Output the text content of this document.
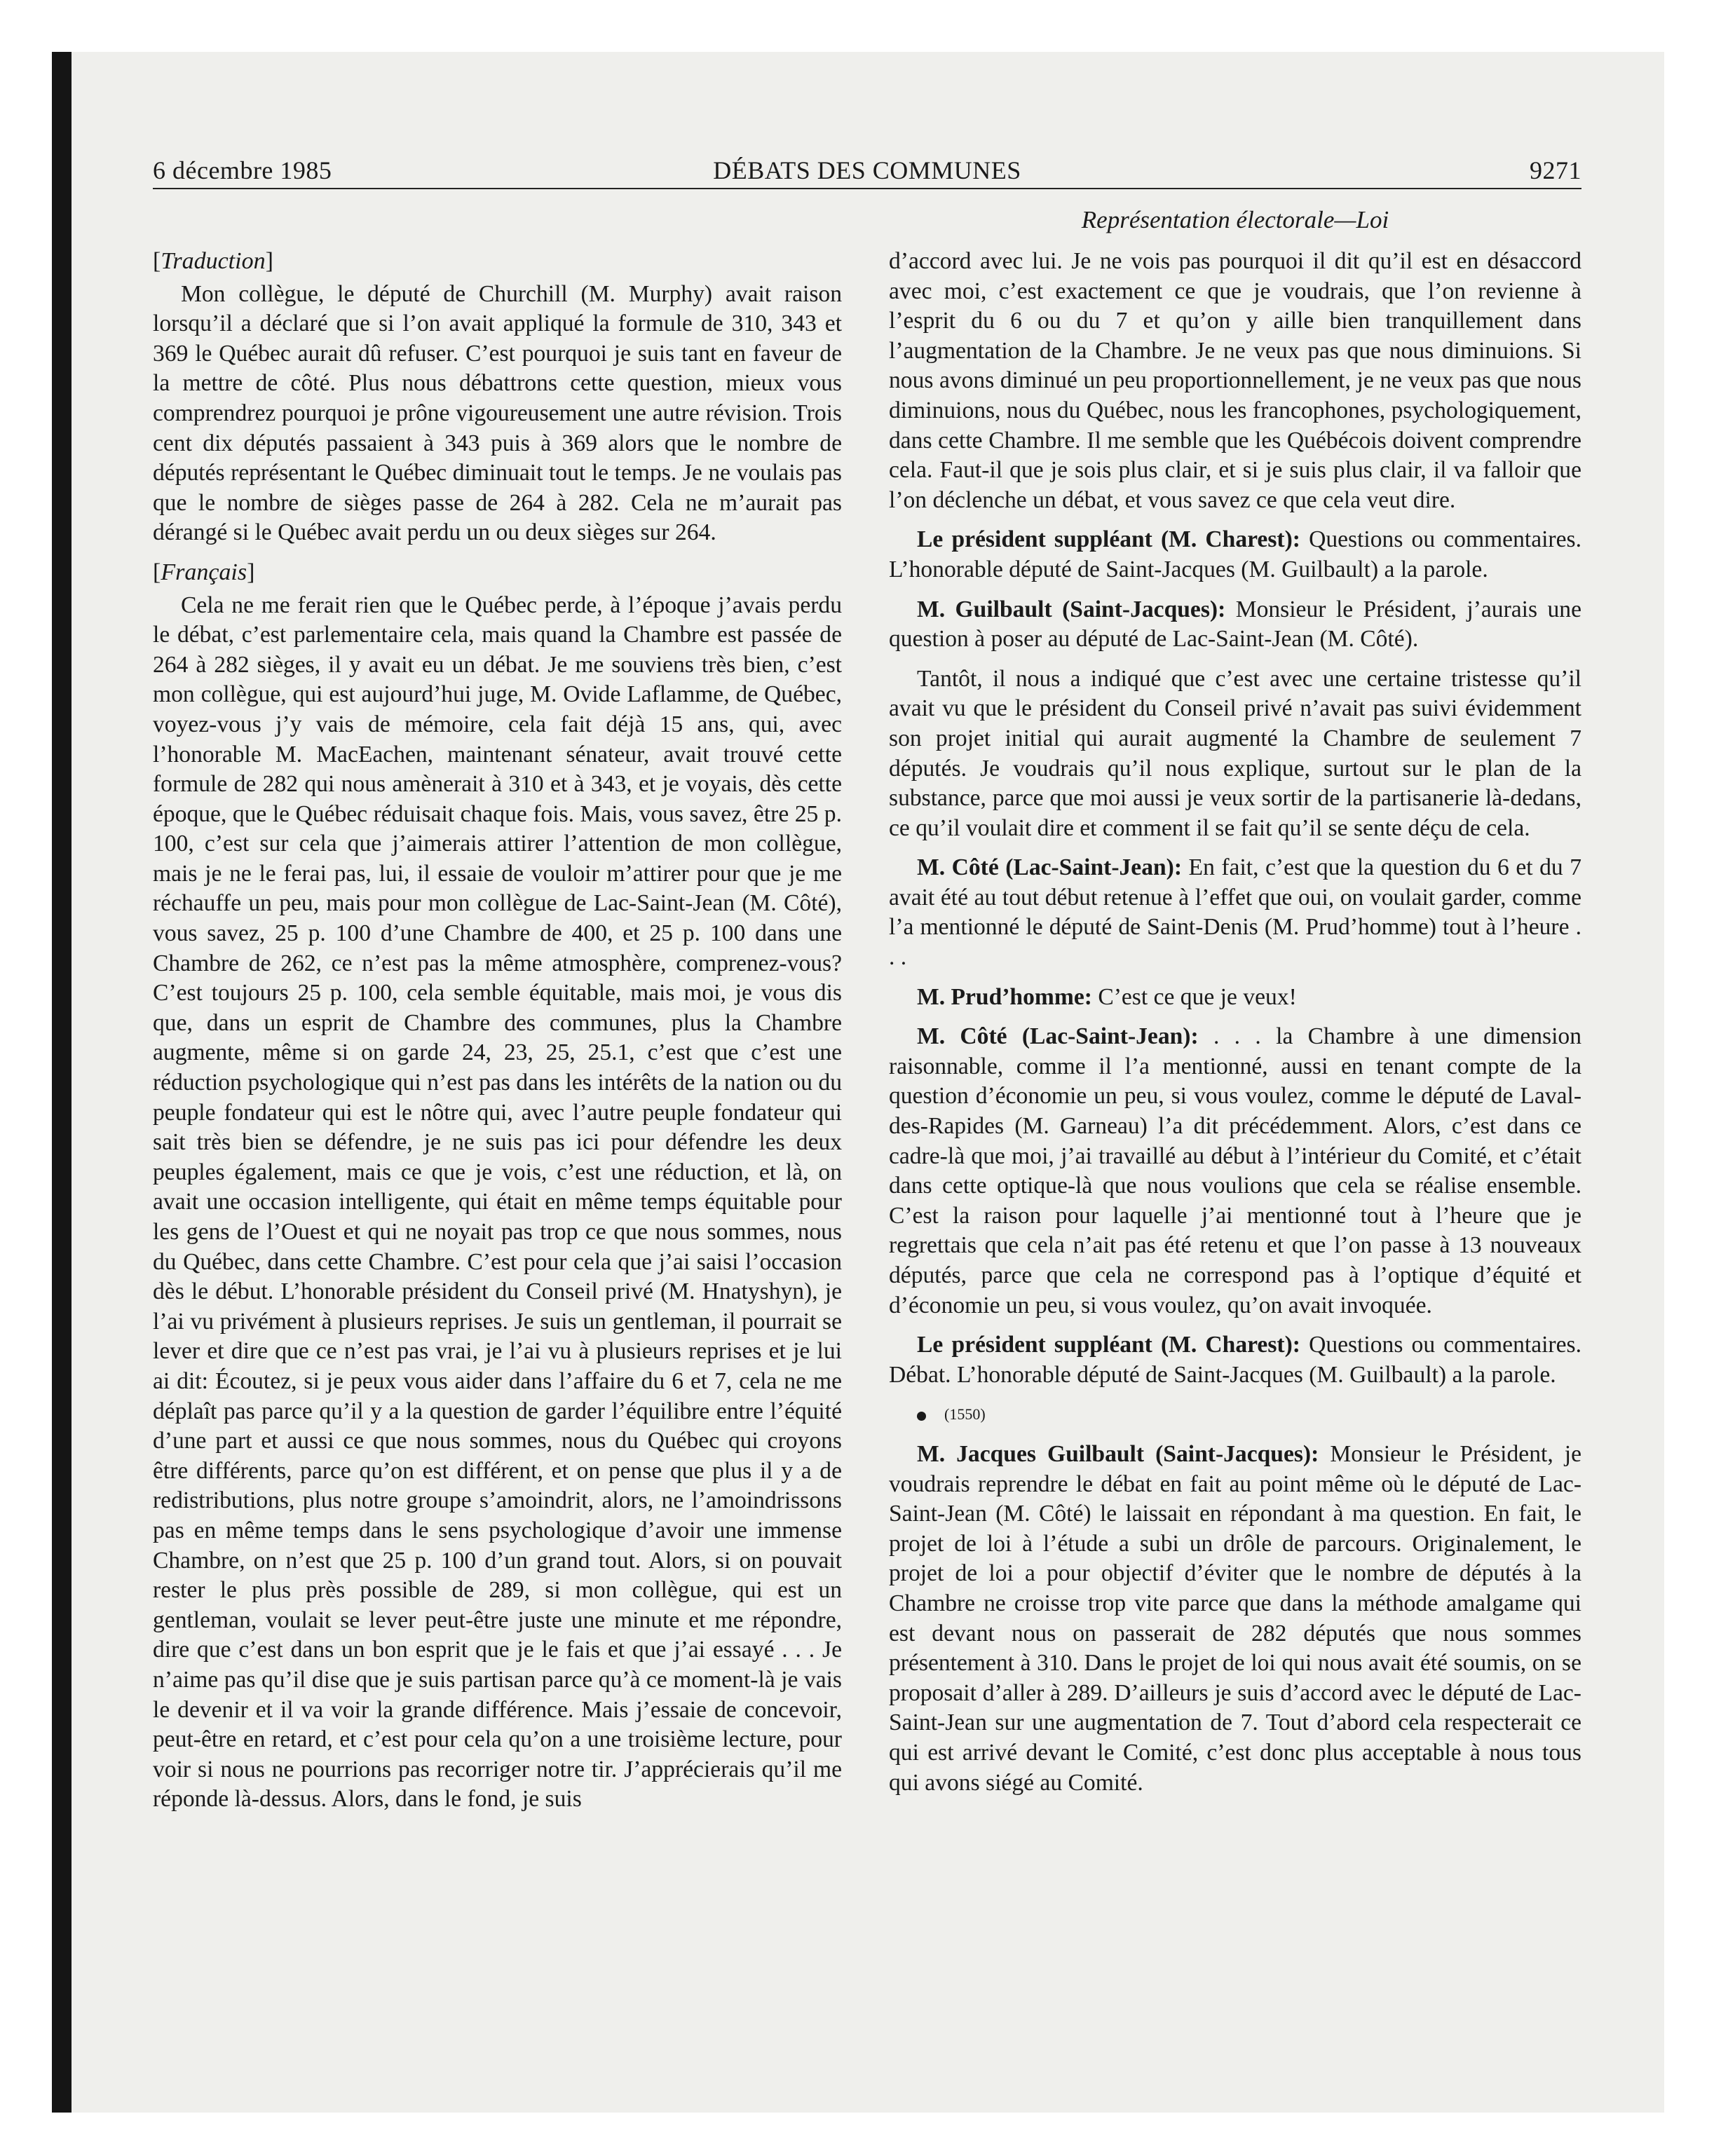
6 décembre 1985	DÉBATS DES COMMUNES	9271
Représentation électorale—Loi

[Traduction]

Mon collègue, le député de Churchill (M. Murphy) avait raison lorsqu’il a déclaré que si l’on avait appliqué la formule de 310, 343 et 369 le Québec aurait dû refuser. C’est pourquoi je suis tant en faveur de la mettre de côté. Plus nous débattrons cette question, mieux vous comprendrez pourquoi je prône vigoureusement une autre révision. Trois cent dix députés passaient à 343 puis à 369 alors que le nombre de députés représentant le Québec diminuait tout le temps. Je ne voulais pas que le nombre de sièges passe de 264 à 282. Cela ne m’aurait pas dérangé si le Québec avait perdu un ou deux sièges sur 264.

[Français]

Cela ne me ferait rien que le Québec perde, à l’époque j’avais perdu le débat, c’est parlementaire cela, mais quand la Chambre est passée de 264 à 282 sièges, il y avait eu un débat. Je me souviens très bien, c’est mon collègue, qui est aujourd’hui juge, M. Ovide Laflamme, de Québec, voyez-vous j’y vais de mémoire, cela fait déjà 15 ans, qui, avec l’honorable M. MacEachen, maintenant sénateur, avait trouvé cette formule de 282 qui nous amènerait à 310 et à 343, et je voyais, dès cette époque, que le Québec réduisait chaque fois. Mais, vous savez, être 25 p. 100, c’est sur cela que j’aimerais attirer l’attention de mon collègue, mais je ne le ferai pas, lui, il essaie de vouloir m’attirer pour que je me réchauffe un peu, mais pour mon collègue de Lac-Saint-Jean (M. Côté), vous savez, 25 p. 100 d’une Chambre de 400, et 25 p. 100 dans une Chambre de 262, ce n’est pas la même atmosphère, comprenez-vous? C’est toujours 25 p. 100, cela semble équitable, mais moi, je vous dis que, dans un esprit de Chambre des communes, plus la Chambre augmente, même si on garde 24, 23, 25, 25.1, c’est que c’est une réduction psychologique qui n’est pas dans les intérêts de la nation ou du peuple fondateur qui est le nôtre qui, avec l’autre peuple fondateur qui sait très bien se défendre, je ne suis pas ici pour défendre les deux peuples également, mais ce que je vois, c’est une réduction, et là, on avait une occasion intelligente, qui était en même temps équitable pour les gens de l’Ouest et qui ne noyait pas trop ce que nous sommes, nous du Québec, dans cette Chambre. C’est pour cela que j’ai saisi l’occasion dès le début. L’honorable président du Conseil privé (M. Hnatyshyn), je l’ai vu privément à plusieurs reprises. Je suis un gentleman, il pourrait se lever et dire que ce n’est pas vrai, je l’ai vu à plusieurs reprises et je lui ai dit: Écoutez, si je peux vous aider dans l’affaire du 6 et 7, cela ne me déplaît pas parce qu’il y a la question de garder l’équilibre entre l’équité d’une part et aussi ce que nous sommes, nous du Québec qui croyons être différents, parce qu’on est différent, et on pense que plus il y a de redistributions, plus notre groupe s’amoindrit, alors, ne l’amoindrissons pas en même temps dans le sens psychologique d’avoir une immense Chambre, on n’est que 25 p. 100 d’un grand tout. Alors, si on pouvait rester le plus près possible de 289, si mon collègue, qui est un gentleman, voulait se lever peut-être juste une minute et me répondre, dire que c’est dans un bon esprit que je le fais et que j’ai essayé . . . Je n’aime pas qu’il dise que je suis partisan parce qu’à ce moment-là je vais le devenir et il va voir la grande différence. Mais j’essaie de concevoir, peut-être en retard, et c’est pour cela qu’on a une troisième lecture, pour voir si nous ne pourrions pas recorriger notre tir. J’apprécierais qu’il me réponde là-dessus. Alors, dans le fond, je suis

d’accord avec lui. Je ne vois pas pourquoi il dit qu’il est en désaccord avec moi, c’est exactement ce que je voudrais, que l’on revienne à l’esprit du 6 ou du 7 et qu’on y aille bien tranquillement dans l’augmentation de la Chambre. Je ne veux pas que nous diminuions. Si nous avons diminué un peu proportionnellement, je ne veux pas que nous diminuions, nous du Québec, nous les francophones, psychologiquement, dans cette Chambre. Il me semble que les Québécois doivent comprendre cela. Faut-il que je sois plus clair, et si je suis plus clair, il va falloir que l’on déclenche un débat, et vous savez ce que cela veut dire.

Le président suppléant (M. Charest): Questions ou commentaires. L’honorable député de Saint-Jacques (M. Guilbault) a la parole.

M. Guilbault (Saint-Jacques): Monsieur le Président, j’aurais une question à poser au député de Lac-Saint-Jean (M. Côté).

Tantôt, il nous a indiqué que c’est avec une certaine tristesse qu’il avait vu que le président du Conseil privé n’avait pas suivi évidemment son projet initial qui aurait augmenté la Chambre de seulement 7 députés. Je voudrais qu’il nous explique, surtout sur le plan de la substance, parce que moi aussi je veux sortir de la partisanerie là-dedans, ce qu’il voulait dire et comment il se fait qu’il se sente déçu de cela.

M. Côté (Lac-Saint-Jean): En fait, c’est que la question du 6 et du 7 avait été au tout début retenue à l’effet que oui, on voulait garder, comme l’a mentionné le député de Saint-Denis (M. Prud’homme) tout à l’heure . . .

M. Prud’homme: C’est ce que je veux!

M. Côté (Lac-Saint-Jean): . . . la Chambre à une dimension raisonnable, comme il l’a mentionné, aussi en tenant compte de la question d’économie un peu, si vous voulez, comme le député de Laval-des-Rapides (M. Garneau) l’a dit précédemment. Alors, c’est dans ce cadre-là que moi, j’ai travaillé au début à l’intérieur du Comité, et c’était dans cette optique-là que nous voulions que cela se réalise ensemble. C’est la raison pour laquelle j’ai mentionné tout à l’heure que je regrettais que cela n’ait pas été retenu et que l’on passe à 13 nouveaux députés, parce que cela ne correspond pas à l’optique d’équité et d’économie un peu, si vous voulez, qu’on avait invoquée.

Le président suppléant (M. Charest): Questions ou commentaires. Débat. L’honorable député de Saint-Jacques (M. Guilbault) a la parole.

(1550)

M. Jacques Guilbault (Saint-Jacques): Monsieur le Président, je voudrais reprendre le débat en fait au point même où le député de Lac-Saint-Jean (M. Côté) le laissait en répondant à ma question. En fait, le projet de loi à l’étude a subi un drôle de parcours. Originalement, le projet de loi a pour objectif d’éviter que le nombre de députés à la Chambre ne croisse trop vite parce que dans la méthode amalgame qui est devant nous on passerait de 282 députés que nous sommes présentement à 310. Dans le projet de loi qui nous avait été soumis, on se proposait d’aller à 289. D’ailleurs je suis d’accord avec le député de Lac-Saint-Jean sur une augmentation de 7. Tout d’abord cela respecterait ce qui est arrivé devant le Comité, c’est donc plus acceptable à nous tous qui avons siégé au Comité.
